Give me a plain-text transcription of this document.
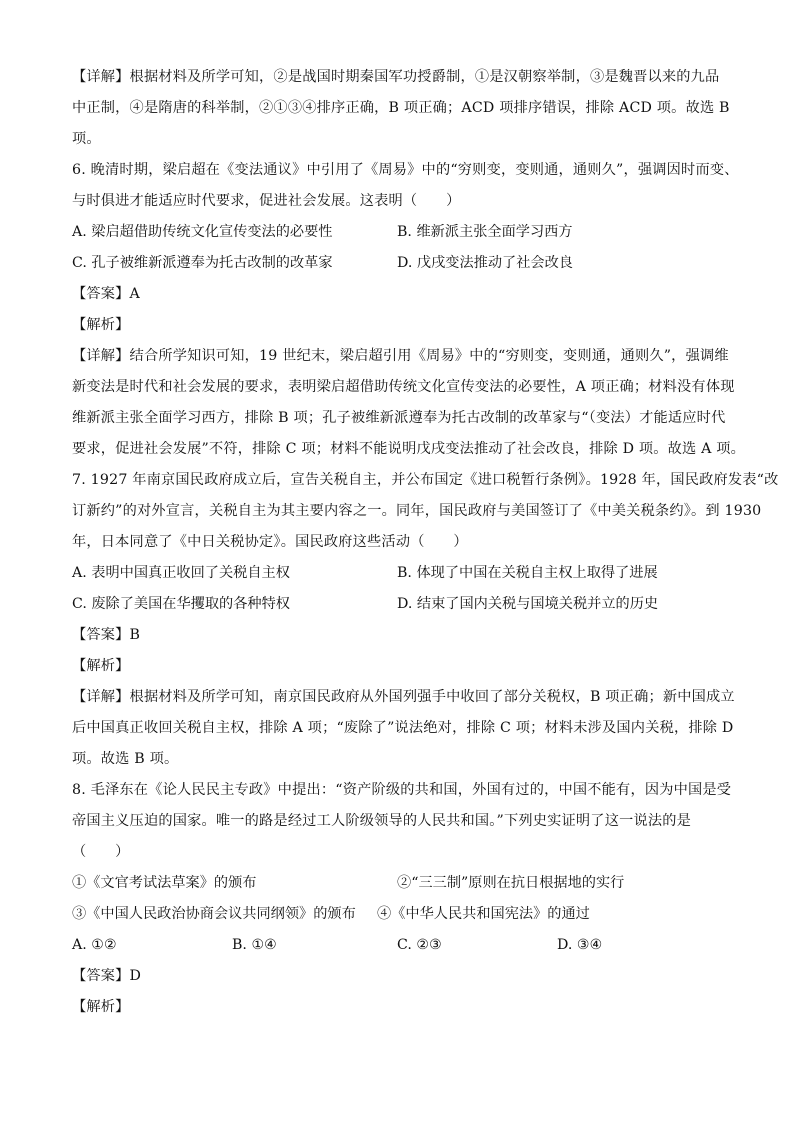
【详解】根据材料及所学可知，②是战国时期秦国军功授爵制，①是汉朝察举制，③是魏晋以来的九品
中正制，④是隋唐的科举制，②①③④排序正确，B 项正确；ACD 项排序错误，排除 ACD 项。故选 B
项。
6. 晚清时期，梁启超在《变法通议》中引用了《周易》中的“穷则变，变则通，通则久”，强调因时而变、
与时俱进才能适应时代要求，促进社会发展。这表明（　　）
A. 梁启超借助传统文化宣传变法的必要性	B. 维新派主张全面学习西方
C. 孔子被维新派遵奉为托古改制的改革家	D. 戊戌变法推动了社会改良
【答案】A
【解析】
【详解】结合所学知识可知，19 世纪末，梁启超引用《周易》中的“穷则变，变则通，通则久”，强调维
新变法是时代和社会发展的要求，表明梁启超借助传统文化宣传变法的必要性，A 项正确；材料没有体现
维新派主张全面学习西方，排除 B 项；孔子被维新派遵奉为托古改制的改革家与“（变法）才能适应时代
要求，促进社会发展”不符，排除 C 项；材料不能说明戊戌变法推动了社会改良，排除 D 项。故选 A 项。
7. 1927 年南京国民政府成立后，宣告关税自主，并公布国定《进口税暂行条例》。1928 年，国民政府发表“改
订新约”的对外宣言，关税自主为其主要内容之一。同年，国民政府与美国签订了《中美关税条约》。到 1930
年，日本同意了《中日关税协定》。国民政府这些活动（　　）
A. 表明中国真正收回了关税自主权	B. 体现了中国在关税自主权上取得了进展
C. 废除了美国在华攫取的各种特权	D. 结束了国内关税与国境关税并立的历史
【答案】B
【解析】
【详解】根据材料及所学可知，南京国民政府从外国列强手中收回了部分关税权，B 项正确；新中国成立
后中国真正收回关税自主权，排除 A 项；“废除了”说法绝对，排除 C 项；材料未涉及国内关税，排除 D
项。故选 B 项。
8. 毛泽东在《论人民民主专政》中提出：“资产阶级的共和国，外国有过的，中国不能有，因为中国是受
帝国主义压迫的国家。唯一的路是经过工人阶级领导的人民共和国。”下列史实证明了这一说法的是
（　　）
①《文官考试法草案》的颁布	②“三三制”原则在抗日根据地的实行
③《中国人民政治协商会议共同纲领》的颁布 ④《中华人民共和国宪法》的通过
A. ①②	B. ①④	C. ②③	D. ③④
【答案】D
【解析】
